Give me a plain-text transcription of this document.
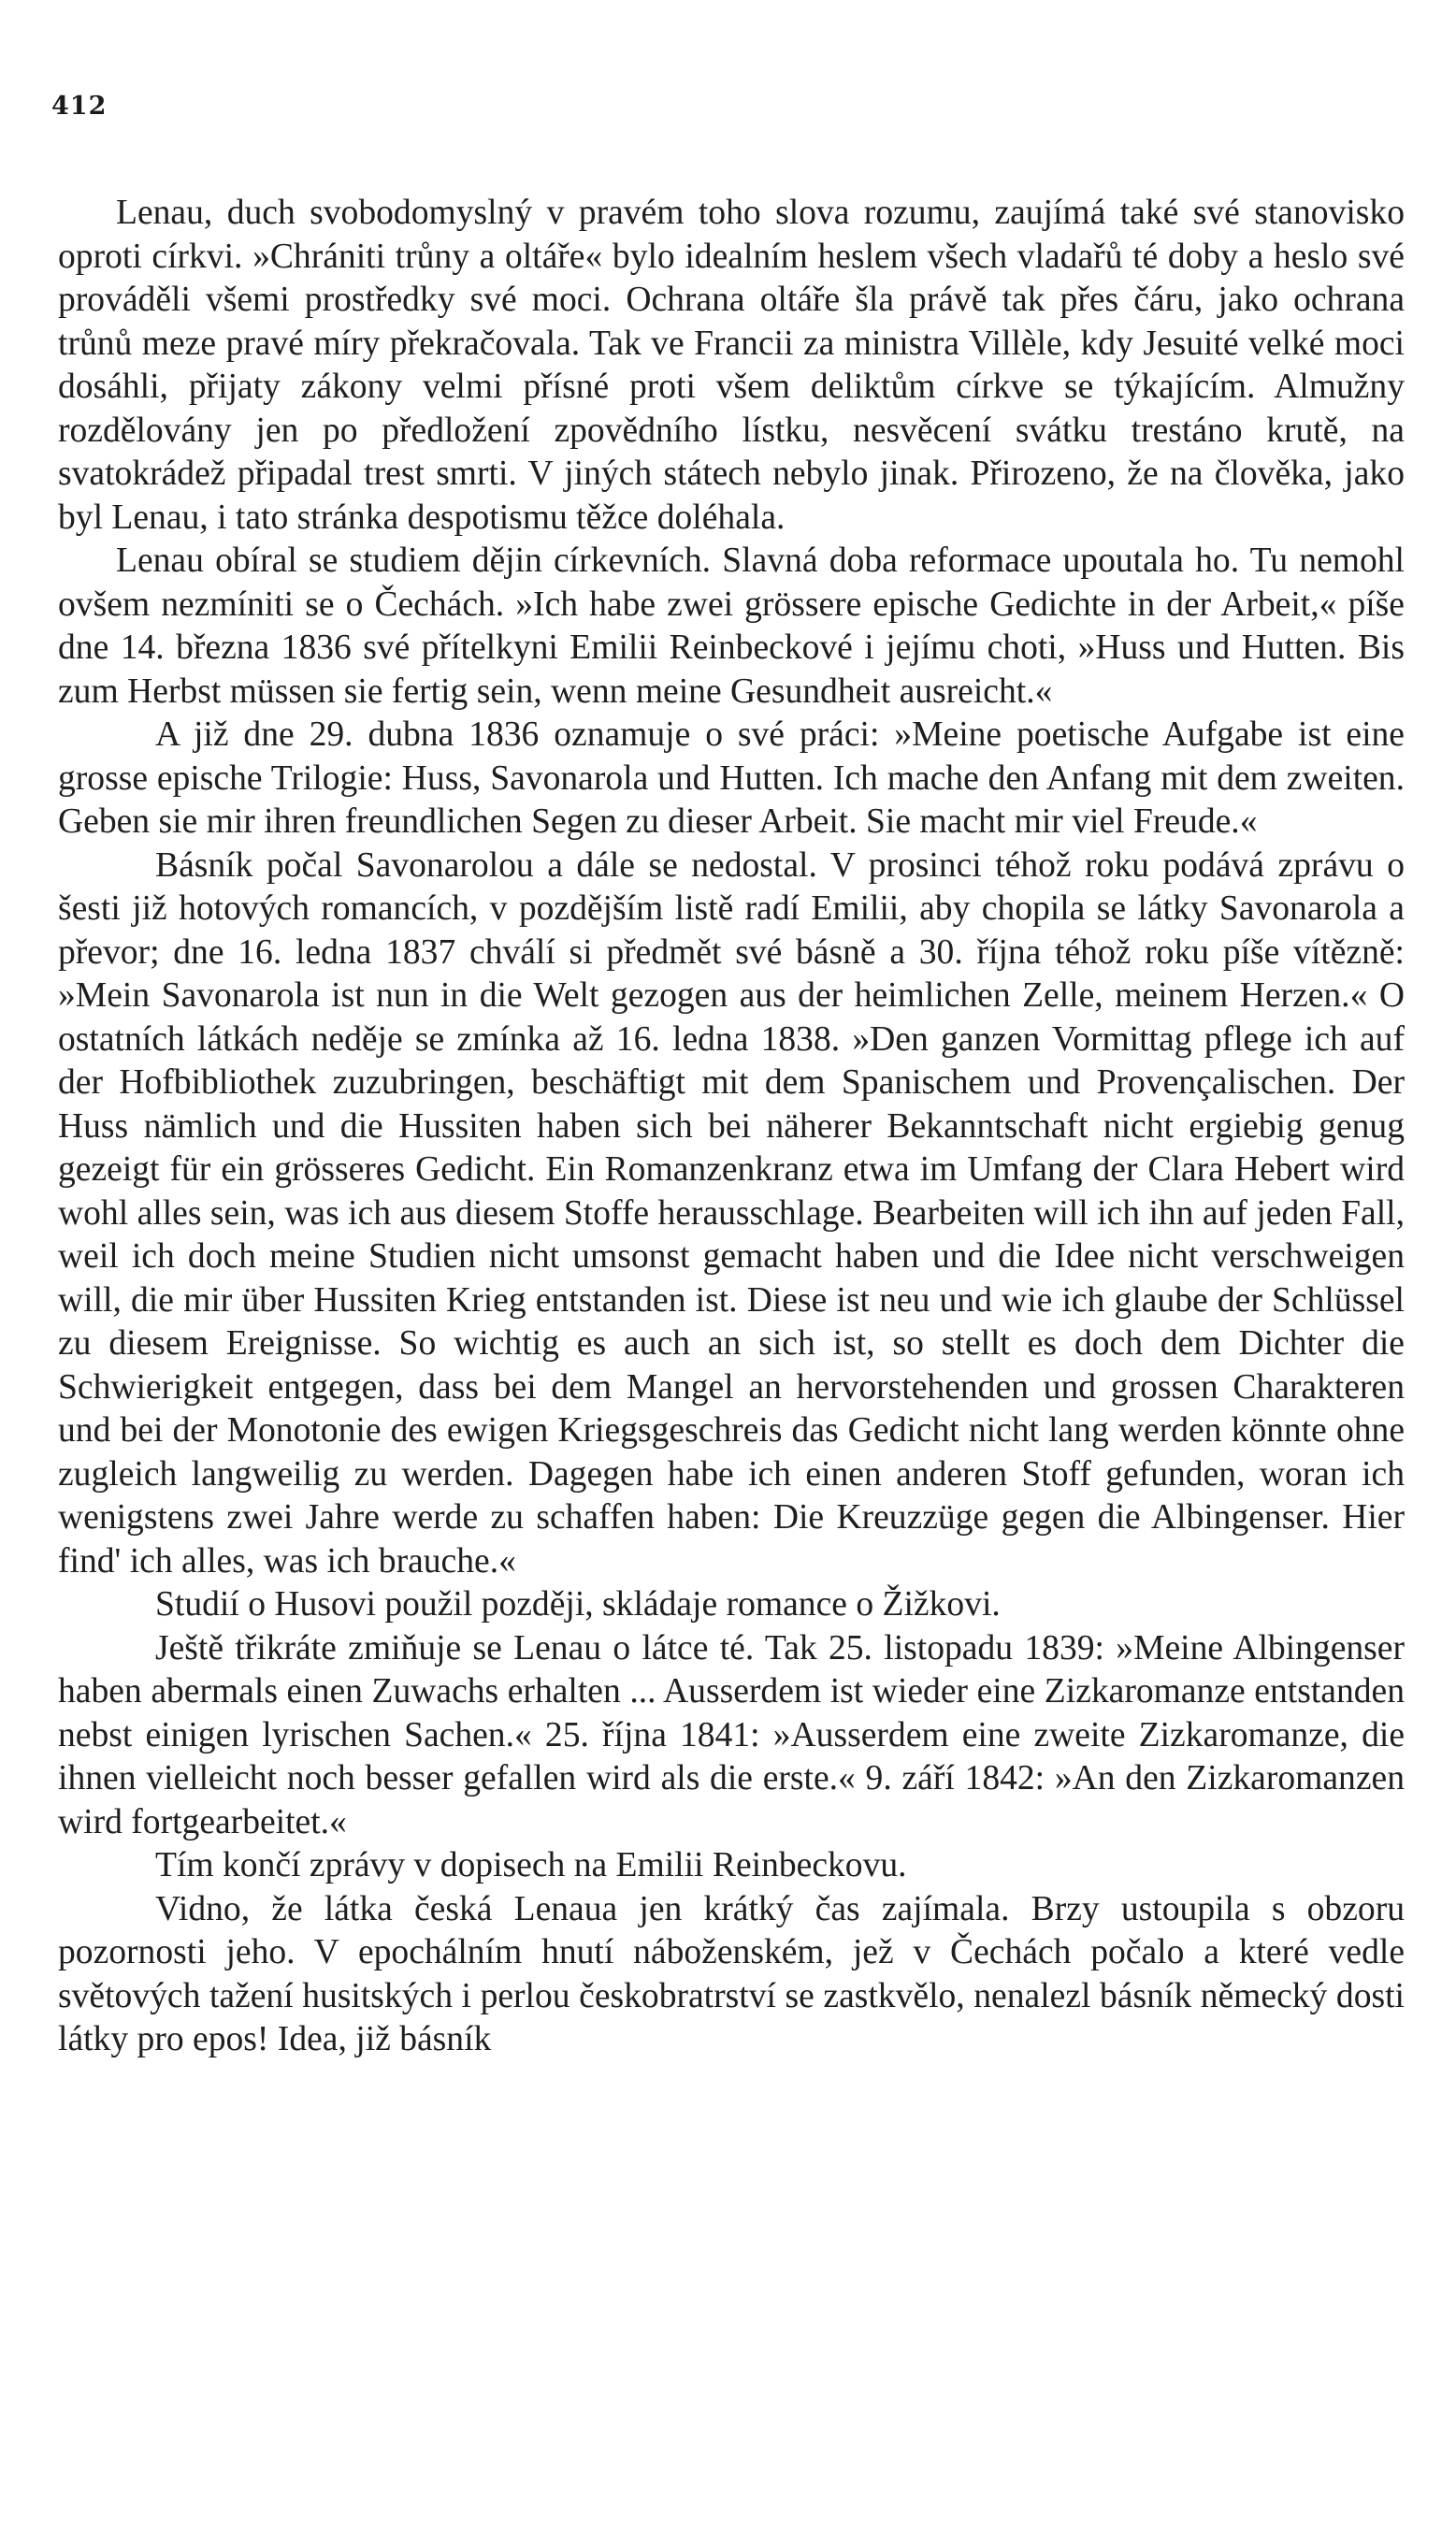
412

Lenau, duch svobodomyslný v pravém toho slova rozumu, zaujímá také své stanovisko oproti církvi. »Chrániti trůny a oltáře« bylo idealním heslem všech vladařů té doby a heslo své prováděli všemi prostředky své moci. Ochrana oltáře šla právě tak přes čáru, jako ochrana trůnů meze pravé míry překračovala. Tak ve Francii za ministra Villèle, kdy Jesuité velké moci dosáhli, přijaty zákony velmi přísné proti všem deliktům církve se týkajícím. Almužny rozdělovány jen po předložení zpovědního lístku, nesvěcení svátku trestáno krutě, na svatokrádež připadal trest smrti. V jiných státech nebylo jinak. Přirozeno, že na člověka, jako byl Lenau, i tato stránka despotismu těžce doléhala.

Lenau obíral se studiem dějin církevních. Slavná doba reformace upoutala ho. Tu nemohl ovšem nezmíniti se o Čechách. »Ich habe zwei grössere epische Gedichte in der Arbeit,« píše dne 14. března 1836 své přítelkyni Emilii Reinbeckové i jejímu choti, »Huss und Hutten. Bis zum Herbst müssen sie fertig sein, wenn meine Gesundheit ausreicht.«

A již dne 29. dubna 1836 oznamuje o své práci: »Meine poetische Aufgabe ist eine grosse epische Trilogie: Huss, Savonarola und Hutten. Ich mache den Anfang mit dem zweiten. Geben sie mir ihren freundlichen Segen zu dieser Arbeit. Sie macht mir viel Freude.«

Básník počal Savonarolou a dále se nedostal. V prosinci téhož roku podává zprávu o šesti již hotových romancích, v pozdějším listě radí Emilii, aby chopila se látky Savonarola a převor; dne 16. ledna 1837 chválí si předmět své básně a 30. října téhož roku píše vítězně: »Mein Savonarola ist nun in die Welt gezogen aus der heimlichen Zelle, meinem Herzen.« O ostatních látkách neděje se zmínka až 16. ledna 1838. »Den ganzen Vormittag pflege ich auf der Hofbibliothek zuzubringen, beschäftigt mit dem Spanischem und Provençalischen. Der Huss nämlich und die Hussiten haben sich bei näherer Bekanntschaft nicht ergiebig genug gezeigt für ein grösseres Gedicht. Ein Romanzenkranz etwa im Umfang der Clara Hebert wird wohl alles sein, was ich aus diesem Stoffe herausschlage. Bearbeiten will ich ihn auf jeden Fall, weil ich doch meine Studien nicht umsonst gemacht haben und die Idee nicht verschweigen will, die mir über Hussiten Krieg entstanden ist. Diese ist neu und wie ich glaube der Schlüssel zu diesem Ereignisse. So wichtig es auch an sich ist, so stellt es doch dem Dichter die Schwierigkeit entgegen, dass bei dem Mangel an hervorstehenden und grossen Charakteren und bei der Monotonie des ewigen Kriegsgeschreis das Gedicht nicht lang werden könnte ohne zugleich langweilig zu werden. Dagegen habe ich einen anderen Stoff gefunden, woran ich wenigstens zwei Jahre werde zu schaffen haben: Die Kreuzzüge gegen die Albingenser. Hier find' ich alles, was ich brauche.«

Studií o Husovi použil později, skládaje romance o Žižkovi.

Ještě třikráte zmiňuje se Lenau o látce té. Tak 25. listopadu 1839: »Meine Albingenser haben abermals einen Zuwachs erhalten ... Ausserdem ist wieder eine Zizkaromanze entstanden nebst einigen lyrischen Sachen.« 25. října 1841: »Ausserdem eine zweite Zizkaromanze, die ihnen vielleicht noch besser gefallen wird als die erste.« 9. září 1842: »An den Zizkaromanzen wird fortgearbeitet.«

Tím končí zprávy v dopisech na Emilii Reinbeckovu.

Vidno, že látka česká Lenaua jen krátký čas zajímala. Brzy ustoupila s obzoru pozornosti jeho. V epochálním hnutí náboženském, jež v Čechách počalo a které vedle světových tažení husitských i perlou českobratrství se zastkvělo, nenalezl básník německý dosti látky pro epos! Idea, již básník
